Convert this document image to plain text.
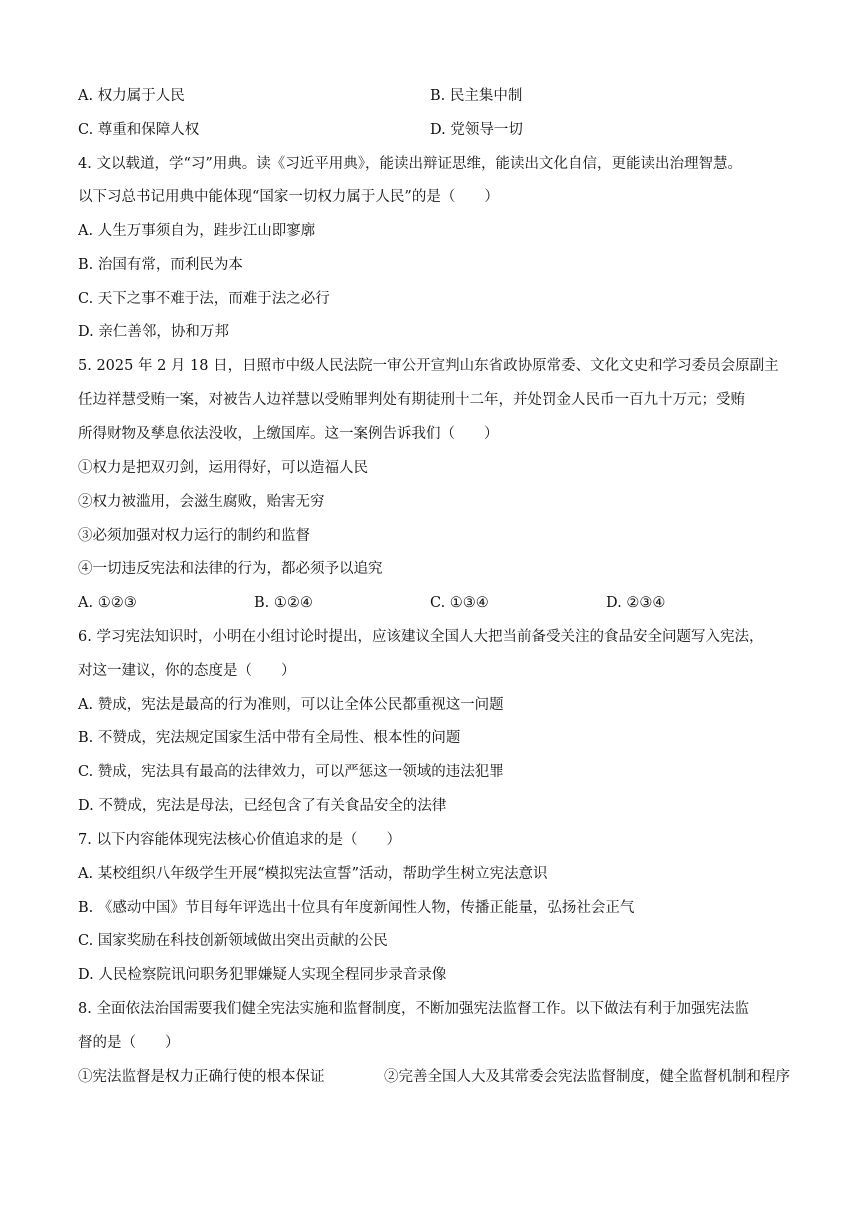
A. 权力属于人民	B. 民主集中制
C. 尊重和保障人权	D. 党领导一切
4. 文以载道，学“习”用典。读《习近平用典》，能读出辩证思维，能读出文化自信，更能读出治理智慧。
以下习总书记用典中能体现“国家一切权力属于人民”的是（　　）
A. 人生万事须自为，跬步江山即寥廓
B. 治国有常，而利民为本
C. 天下之事不难于法，而难于法之必行
D. 亲仁善邻，协和万邦
5. 2025 年 2 月 18 日，日照市中级人民法院一审公开宣判山东省政协原常委、文化文史和学习委员会原副主
任边祥慧受贿一案，对被告人边祥慧以受贿罪判处有期徒刑十二年，并处罚金人民币一百九十万元；受贿
所得财物及孳息依法没收，上缴国库。这一案例告诉我们（　　）
①权力是把双刃剑，运用得好，可以造福人民
②权力被滥用，会滋生腐败，贻害无穷
③必须加强对权力运行的制约和监督
④一切违反宪法和法律的行为，都必须予以追究
A. ①②③	B. ①②④	C. ①③④	D. ②③④
6. 学习宪法知识时，小明在小组讨论时提出，应该建议全国人大把当前备受关注的食品安全问题写入宪法，
对这一建议，你的态度是（　　）
A. 赞成，宪法是最高的行为准则，可以让全体公民都重视这一问题
B. 不赞成，宪法规定国家生活中带有全局性、根本性的问题
C. 赞成，宪法具有最高的法律效力，可以严惩这一领域的违法犯罪
D. 不赞成，宪法是母法，已经包含了有关食品安全的法律
7. 以下内容能体现宪法核心价值追求的是（　　）
A. 某校组织八年级学生开展“模拟宪法宣誓”活动，帮助学生树立宪法意识
B. 《感动中国》节目每年评选出十位具有年度新闻性人物，传播正能量，弘扬社会正气
C. 国家奖励在科技创新领域做出突出贡献的公民
D. 人民检察院讯问职务犯罪嫌疑人实现全程同步录音录像
8. 全面依法治国需要我们健全宪法实施和监督制度，不断加强宪法监督工作。以下做法有利于加强宪法监
督的是（　　）
①宪法监督是权力正确行使的根本保证	②完善全国人大及其常委会宪法监督制度，健全监督机制和程序
